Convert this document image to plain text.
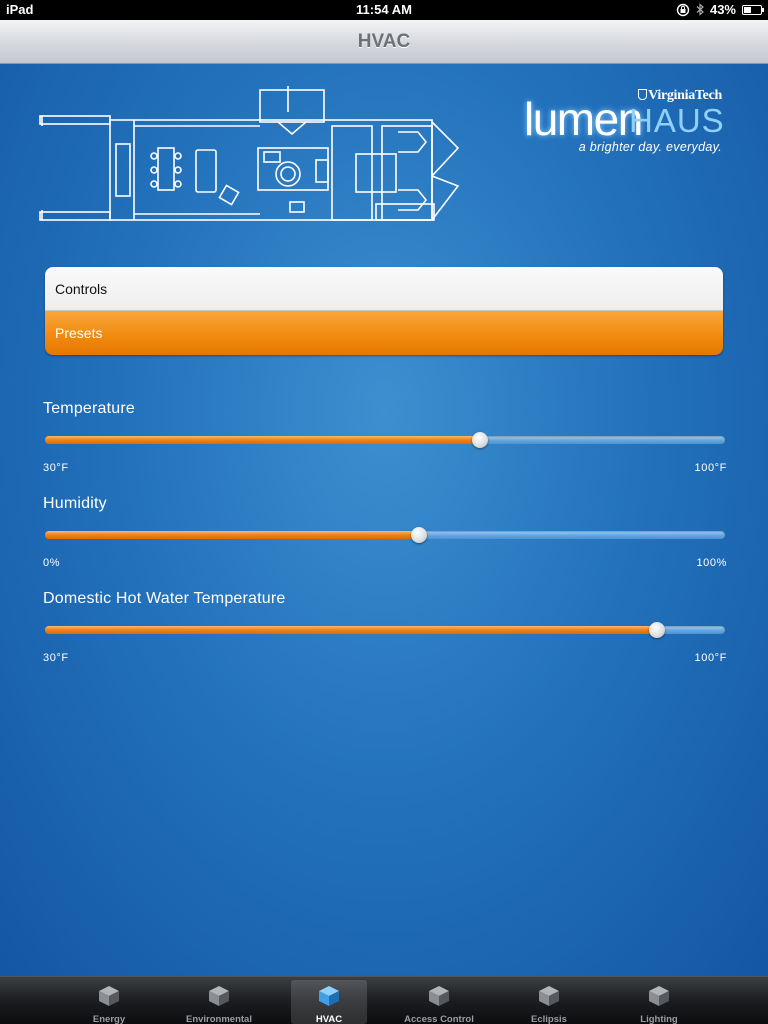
iPad	11:54 AM	43%
HVAC
VirginiaTech
lumen
HAUS
a brighter day. everyday.
Controls
Presets
Temperature
30°F	100°F
Humidity
0%	100%
Domestic Hot Water Temperature
30°F	100°F
Energy	Environmental	HVAC	Access Control	Eclipsis	Lighting
